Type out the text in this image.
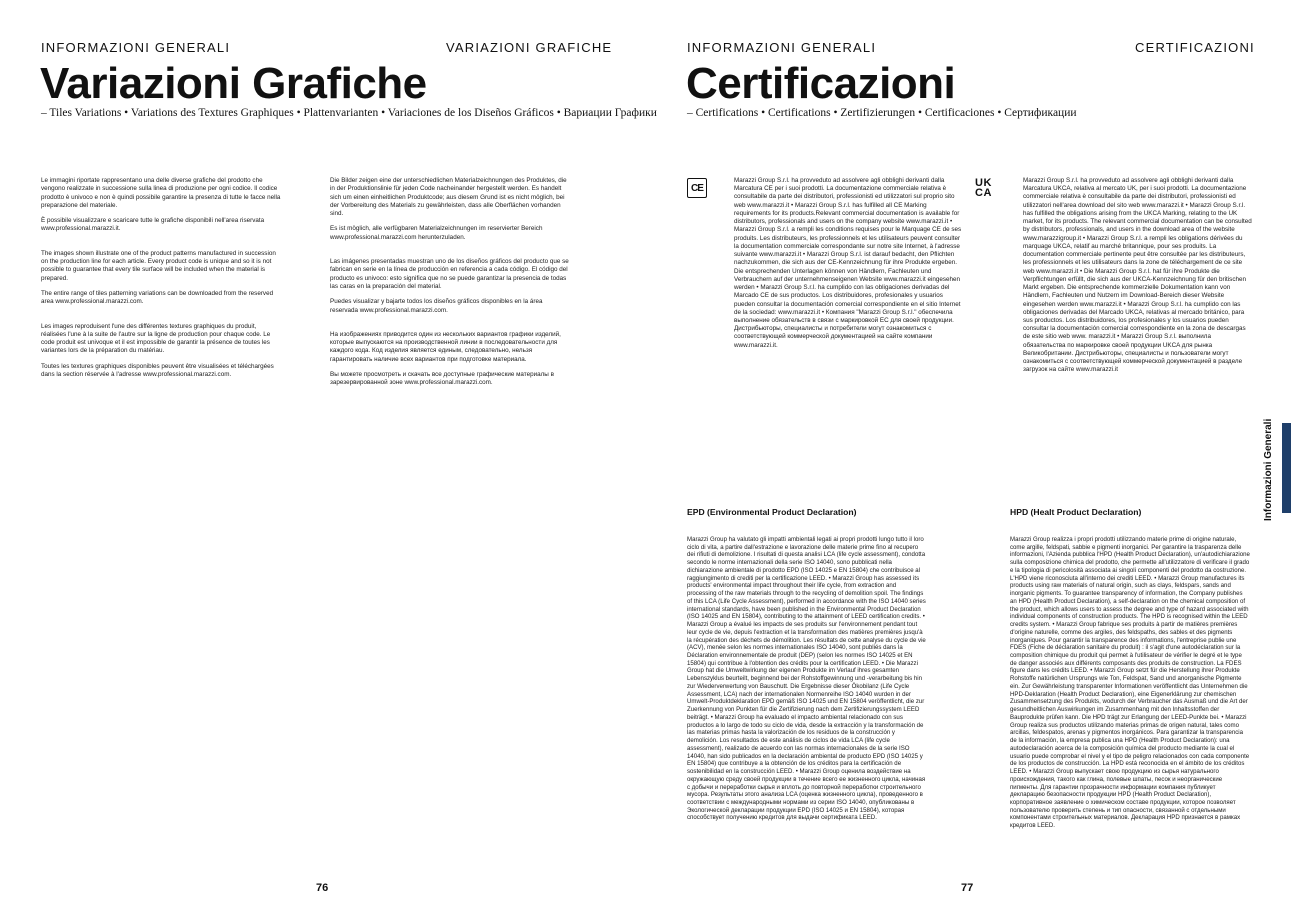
INFORMAZIONI GENERALI	VARIAZIONI GRAFICHE
Variazioni Grafiche
– Tiles Variations • Variations des Textures Graphiques • Plattenvarianten • Variaciones de los Diseños Gráficos • Вариации Графики

Le immagini riportate rappresentano una delle diverse grafiche del prodotto che vengono realizzate in successione sulla linea di produzione per ogni codice. Il codice prodotto è univoco e non è quindi possibile garantire la presenza di tutte le facce nella preparazione del materiale.

È possibile visualizzare e scaricare tutte le grafiche disponibili nell'area riservata www.professional.marazzi.it.

The images shown illustrate one of the product patterns manufactured in succession on the production line for each article. Every product code is unique and so it is not possible to guarantee that every tile surface will be included when the material is prepared.

The entire range of tiles patterning variations can be downloaded from the reserved area www.professional.marazzi.com.

Les images reproduisent l'une des différentes textures graphiques du produit, réalisées l'une à la suite de l'autre sur la ligne de production pour chaque code. Le code produit est univoque et il est impossible de garantir la présence de toutes les variantes lors de la préparation du matériau.

Toutes les textures graphiques disponibles peuvent être visualisées et téléchargées dans la section réservée à l'adresse www.professional.marazzi.com.

Die Bilder zeigen eine der unterschiedlichen Materialzeichnungen des Produktes, die in der Produktionslinie für jeden Code nacheinander hergestellt werden. Es handelt sich um einen einheitlichen Produktcode; aus diesem Grund ist es nicht möglich, bei der Vorbereitung des Materials zu gewährleisten, dass alle Oberflächen vorhanden sind.

Es ist möglich, alle verfügbaren Materialzeichnungen im reservierter Bereich www.professional.marazzi.com herunterzuladen.

Las imágenes presentadas muestran uno de los diseños gráficos del producto que se fabrican en serie en la línea de producción en referencia a cada código. El código del producto es univoco: esto significa que no se puede garantizar la presencia de todas las caras en la preparación del material.

Puedes visualizar y bajarte todos los diseños gráficos disponibles en la área reservada www.professional.marazzi.com.

На изображениях приводится один из нескольких вариантов графики изделий, которые выпускаются на производственной линии в последовательности для каждого кода. Код изделия является единым, следовательно, нельзя гарантировать наличие всех вариантов при подготовке материала.

Вы можете просмотреть и скачать все доступные графические материалы в зарезервированной зоне www.professional.marazzi.com.

76
INFORMAZIONI GENERALI	CERTIFICAZIONI
Certificazioni
– Certifications • Certifications • Zertifizierungen • Certificaciones • Сертификации
CE

Marazzi Group S.r.l. ha provveduto ad assolvere agli obblighi derivanti dalla Marcatura CE per i suoi prodotti. La documentazione commerciale relativa è consultabile da parte dei distributori, professionisti ed utilizzatori sul proprio sito web www.marazzi.it • Marazzi Group S.r.l. has fulfilled all CE Marking requirements for its products.Relevant commercial documentation is available for distributors, professionals and users on the company website www.marazzi.it • Marazzi Group S.r.l. a rempli les conditions requises pour le Marquage CE de ses produits. Les distributeurs, les professionnels et les utilisateurs peuvent consulter la documentation commerciale correspondante sur notre site Internet, à l'adresse suivante www.marazzi.it • Marazzi Group S.r.l. ist darauf bedacht, den Pflichten nachzukommen, die sich aus der CE-Kennzeichnung für ihre Produkte ergeben. Die entsprechenden Unterlagen können von Händlern, Fachleuten und Verbrauchern auf der unternehmenseigenen Website www.marazzi.it eingesehen werden • Marazzi Group S.r.l. ha cumplido con las obligaciones derivadas del Marcado CE de sus productos. Los distribuidores, profesionales y usuarios pueden consultar la documentación comercial correspondiente en el sitio Internet de la sociedad: www.marazzi.it • Компания "Marazzi Group S.r.l." обеспечила выполнение обязательств в связи с маркировкой ЕС для своей продукции. Дистрибьюторы, специалисты и потребители могут ознакомиться с соответствующей коммерческой документацией на сайте компании www.marazzi.it.

UK
CA

Marazzi Group S.r.l. ha provveduto ad assolvere agli obblighi derivanti dalla Marcatura UKCA, relativa al mercato UK, per i suoi prodotti. La documentazione commerciale relativa è consultabile da parte dei distributori, professionisti ed utilizzatori nell'area download del sito web www.marazzi.it • Marazzi Group S.r.l. has fulfilled the obligations arising from the UKCA Marking, relating to the UK market, for its products. The relevant commercial documentation can be consulted by distributors, professionals, and users in the download area of the website www.marazzigroup.it • Marazzi Group S.r.l. a rempli les obligations dérivées du marquage UKCA, relatif au marché britannique, pour ses produits. La documentation commerciale pertinente peut être consultée par les distributeurs, les professionnels et les utilisateurs dans la zone de téléchargement de ce site web www.marazzi.it • Die Marazzi Group S.r.l. hat für ihre Produkte die Verpflichtungen erfüllt, die sich aus der UKCA-Kennzeichnung für den britischen Markt ergeben. Die entsprechende kommerzielle Dokumentation kann von Händlern, Fachleuten und Nutzern im Download-Bereich dieser Website eingesehen werden www.marazzi.it • Marazzi Group S.r.l. ha cumplido con las obligaciones derivadas del Marcado UKCA, relativas al mercado británico, para sus productos. Los distribuidores, los profesionales y los usuarios pueden consultar la documentación comercial correspondiente en la zona de descargas de este sitio web www. marazzi.it • Marazzi Group S.r.l. выполнила обязательства по маркировке своей продукции UKCA для рынка Великобритании. Дистрибьюторы, специалисты и пользователи могут ознакомиться с соответствующей коммерческой документацией в разделе загрузок на сайте www.marazzi.it

EPD (Environmental Product Declaration)

Marazzi Group ha valutato gli impatti ambientali legati ai propri prodotti lungo tutto il loro ciclo di vita, a partire dall'estrazione e lavorazione delle materie prime fino al recupero dei rifiuti di demolizione. I risultati di questa analisi LCA (life cycle assessment), condotta secondo le norme internazionali della serie ISO 14040, sono pubblicati nella dichiarazione ambientale di prodotto EPD (ISO 14025 e EN 15804) che contribuisce al raggiungimento di crediti per la certificazione LEED. • Marazzi Group has assessed its products' environmental impact throughout their life cycle, from extraction and processing of the raw materials through to the recycling of demolition spoil. The findings of this LCA (Life Cycle Assessment), performed in accordance with the ISO 14040 series international standards, have been published in the Environmental Product Declaration (ISO 14025 and EN 15804), contributing to the attainment of LEED certification credits. • Marazzi Group a évalué les impacts de ses produits sur l'environnement pendant tout leur cycle de vie, depuis l'extraction et la transformation des matières premières jusqu'à la récupération des déchets de démolition. Les résultats de cette analyse du cycle de vie (ACV), menée selon les normes internationales ISO 14040, sont publiés dans la Déclaration environnementale de produit (DEP) (selon les normes ISO 14025 et EN 15804) qui contribue à l'obtention des crédits pour la certification LEED. • Die Marazzi Group hat die Umweltwirkung der eigenen Produkte im Verlauf ihres gesamten Lebenszyklus beurteilt, beginnend bei der Rohstoffgewinnung und -verarbeitung bis hin zur Wiederverwertung von Bauschutt. Die Ergebnisse dieser Ökobilanz (Life Cycle Assessment, LCA) nach der internationalen Normenreihe ISO 14040 wurden in der Umwelt-Produktdeklaration EPD gemäß ISO 14025 und EN 15804 veröffentlicht, die zur Zuerkennung von Punkten für die Zertifizierung nach dem Zertifizierungssystem LEED beiträgt. • Marazzi Group ha evaluado el impacto ambiental relacionado con sus productos a lo largo de todo su ciclo de vida, desde la extracción y la transformación de las materias primas hasta la valorización de los residuos de la construcción y demolición. Los resultados de este análisis de ciclos de vida LCA (life cycle assessment), realizado de acuerdo con las normas internacionales de la serie ISO 14040, han sido publicados en la declaración ambiental de producto EPD (ISO 14025 y EN 15804) que contribuye a la obtención de los créditos para la certificación de sostenibilidad en la construcción LEED. • Marazzi Group оценила воздействие на окружающую среду своей продукции в течение всего ее жизненного цикла, начиная с добычи и переработки сырья и вплоть до повторной переработки строительного мусора. Результаты этого анализа LCA (оценка жизненного цикла), проведенного в соответствии с международными нормами из серии ISO 14040, опубликованы в Экологической декларации продукции EPD (ISO 14025 и EN 15804), которая способствует получению кредитов для выдачи сертификата LEED.

HPD (Healt Product Declaration)

Marazzi Group realizza i propri prodotti utilizzando materie prime di origine naturale, come argille, feldspati, sabbie e pigmenti inorganici. Per garantire la trasparenza delle informazioni, l'Azienda pubblica l'HPD (Health Product Declaration), un'autodichiarazione sulla composizione chimica del prodotto, che permette all'utilizzatore di verificare il grado e la tipologia di pericolosità associata ai singoli componenti del prodotto da costruzione. L'HPD viene riconosciuta all'interno dei crediti LEED. • Marazzi Group manufactures its products using raw materials of natural origin, such as clays, feldspars, sands and inorganic pigments. To guarantee transparency of information, the Company publishes an HPD (Health Product Declaration), a self-declaration on the chemical composition of the product, which allows users to assess the degree and type of hazard associated with individual components of construction products. The HPD is recognised within the LEED credits system. • Marazzi Group fabrique ses produits à partir de matières premières d'origine naturelle, comme des argiles, des feldspaths, des sables et des pigments inorganiques. Pour garantir la transparence des informations, l'entreprise publie une FDES (Fiche de déclaration sanitaire du produit) : il s'agit d'une autodéclaration sur la composition chimique du produit qui permet à l'utilisateur de vérifier le degré et le type de danger associés aux différents composants des produits de construction. La FDES figure dans les crédits LEED. • Marazzi Group setzt für die Herstellung ihrer Produkte Rohstoffe natürlichen Ursprungs wie Ton, Feldspat, Sand und anorganische Pigmente ein. Zur Gewährleistung transparenter Informationen veröffentlicht das Unternehmen die HPD-Deklaration (Health Product Declaration), eine Eigenerklärung zur chemischen Zusammensetzung des Produkts, wodurch der Verbraucher das Ausmaß und die Art der gesundheitlichen Auswirkungen im Zusammenhang mit den Inhaltsstoffen der Bauprodukte prüfen kann. Die HPD trägt zur Erlangung der LEED-Punkte bei. • Marazzi Group realiza sus productos utilizando materias primas de origen natural, tales como arcillas, feldespatos, arenas y pigmentos inorgánicos. Para garantizar la transparencia de la información, la empresa publica una HPD (Health Product Declaration): una autodeclaración acerca de la composición química del producto mediante la cual el usuario puede comprobar el nivel y el tipo de peligro relacionados con cada componente de los productos de construcción. La HPD está reconocida en el ámbito de los créditos LEED. • Marazzi Group выпускает свою продукцию из сырья натурального происхождения, такого как глина, полевые шпаты, песок и неорганические пигменты. Для гарантии прозрачности информации компания публикует декларацию безопасности продукции HPD (Health Product Declaration), корпоративное заявление о химическом составе продукции, которое позволяет пользователю проверить степень и тип опасности, связанной с отдельными компонентами строительных материалов. Декларация HPD признается в рамках кредитов LEED.

77
Informazioni Generali
